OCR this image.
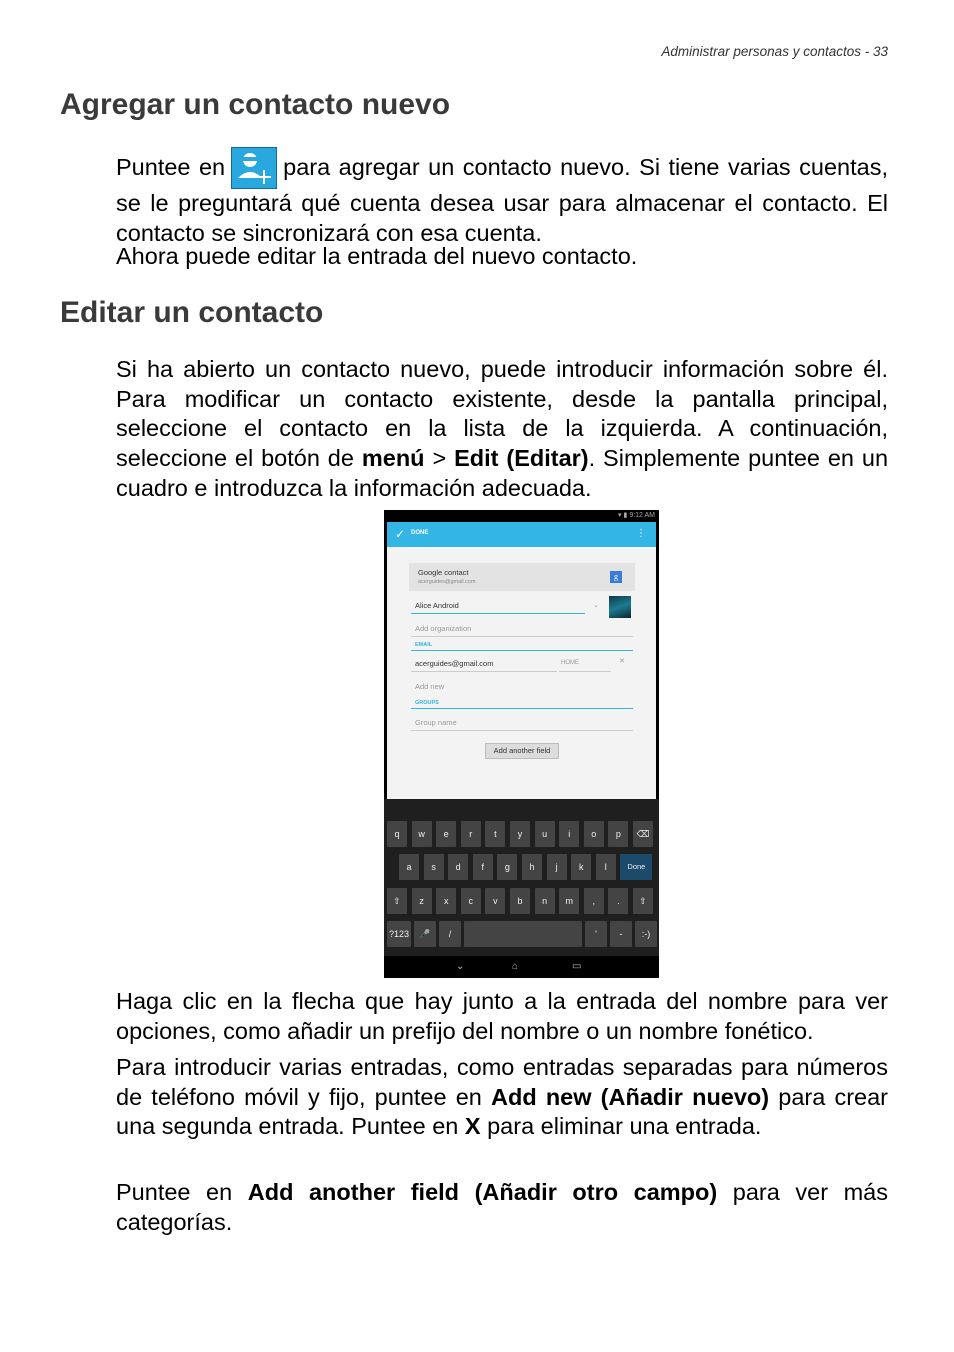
Administrar personas y contactos - 33
Agregar un contacto nuevo

Puntee en para agregar un contacto nuevo. Si tiene varias cuentas, se le preguntará qué cuenta desea usar para almacenar el contacto. El contacto se sincronizará con esa cuenta.

Ahora puede editar la entrada del nuevo contacto.

Editar un contacto

Si ha abierto un contacto nuevo, puede introducir información sobre él. Para modificar un contacto existente, desde la pantalla principal, seleccione el contacto en la lista de la izquierda. A continuación, seleccione el botón de menú > Edit (Editar). Simplemente puntee en un cuadro e introduzca la información adecuada.

▾ ▮ 9:12 AM
✓ DONE	⋮
Google contact
acerguides@gmail.com
g
Alice Android	⌄
Add organization
EMAIL
acerguides@gmail.com	HOME	✕
Add new
GROUPS
Group name
Add another field
q	w	e	r	t	y	u	i	o	p	⌫
a	s	d	f	g	h	j	k	l	Done
⇧	z	x	c	v	b	n	m	,	.	⇧
?123	🎤	/	'	-	:-)
⌄	⌂	▭

Haga clic en la flecha que hay junto a la entrada del nombre para ver opciones, como añadir un prefijo del nombre o un nombre fonético.

Para introducir varias entradas, como entradas separadas para números de teléfono móvil y fijo, puntee en Add new (Añadir nuevo) para crear una segunda entrada. Puntee en X para eliminar una entrada.

Puntee en Add another field (Añadir otro campo) para ver más categorías.
